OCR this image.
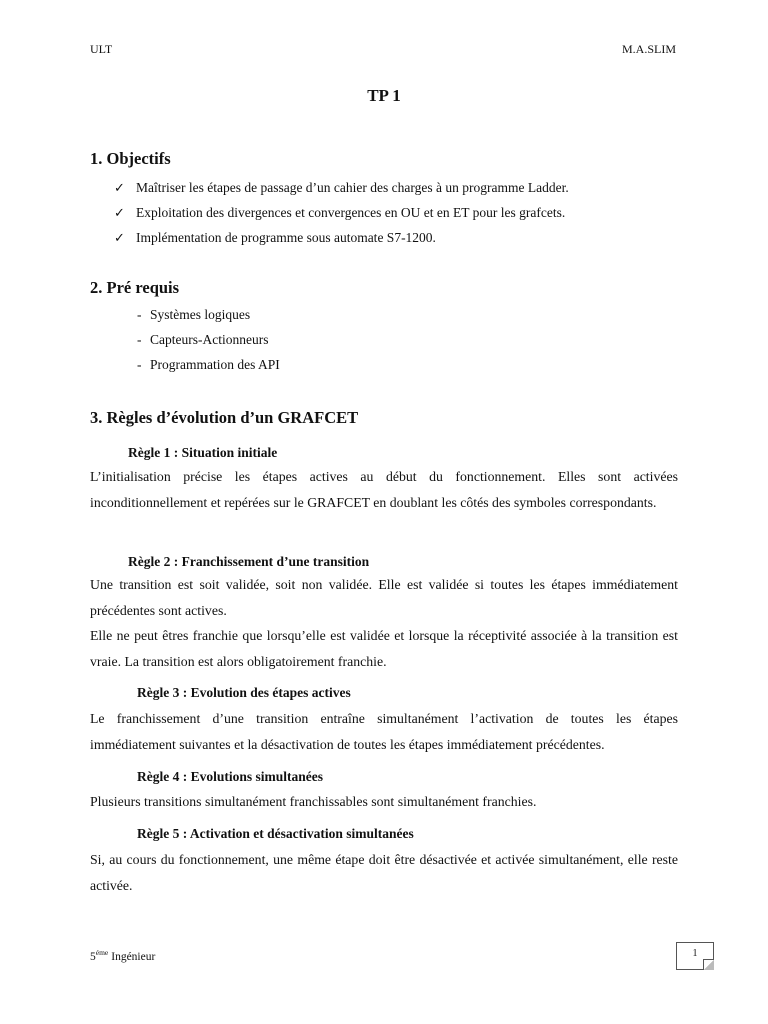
ULT	M.A.SLIM
TP 1
1. Objectifs
✓ Maîtriser les étapes de passage d’un cahier des charges à un programme Ladder.
✓ Exploitation des divergences et convergences en OU et en ET pour les grafcets.
✓ Implémentation de programme sous automate S7-1200.
2. Pré requis
- Systèmes logiques
- Capteurs-Actionneurs
- Programmation des API
3. Règles d’évolution d’un GRAFCET
Règle 1 : Situation initiale
L’initialisation précise les étapes actives au début du fonctionnement. Elles sont activées inconditionnellement et repérées sur le GRAFCET en doublant les côtés des symboles correspondants.
Règle 2 : Franchissement d’une transition
Une transition est soit validée, soit non validée. Elle est validée si toutes les étapes immédiatement précédentes sont actives.
Elle ne peut êtres franchie que lorsqu’elle est validée et lorsque la réceptivité associée à la transition est vraie. La transition est alors obligatoirement franchie.
Règle 3 : Evolution des étapes actives
Le franchissement d’une transition entraîne simultanément l’activation de toutes les étapes immédiatement suivantes et la désactivation de toutes les étapes immédiatement précédentes.
Règle 4 : Evolutions simultanées
Plusieurs transitions simultanément franchissables sont simultanément franchies.
Règle 5 : Activation et désactivation simultanées
Si, au cours du fonctionnement, une même étape doit être désactivée et activée simultanément, elle reste activée.
$5^{éme}$ Ingénieur	1
